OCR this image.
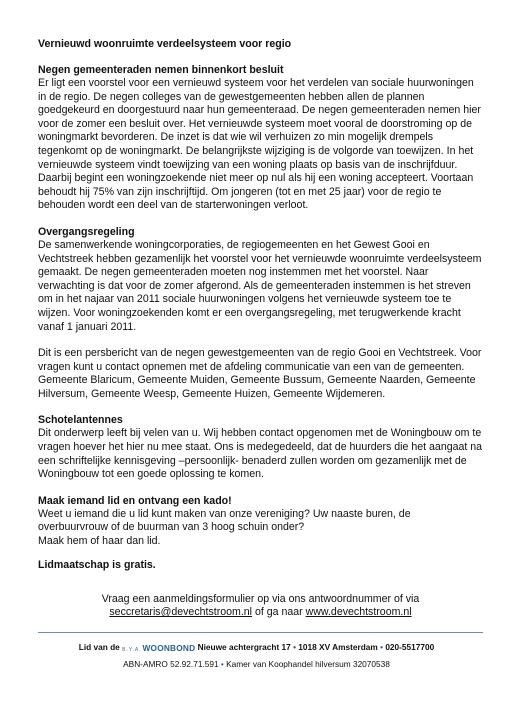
Vernieuwd woonruimte verdeelsysteem voor regio
Negen gemeenteraden nemen binnenkort besluit

Er ligt een voorstel voor een vernieuwd systeem voor het verdelen van sociale huurwoningen in de regio. De negen colleges van de gewestgemeenten hebben allen de plannen goedgekeurd en doorgestuurd naar hun gemeenteraad. De negen gemeenteraden nemen hier voor de zomer een besluit over. Het vernieuwde systeem moet vooral de doorstroming op de woningmarkt bevorderen. De inzet is dat wie wil verhuizen zo min mogelijk drempels tegenkomt op de woningmarkt. De belangrijkste wijziging is de volgorde van toewijzen. In het vernieuwde systeem vindt toewijzing van een woning plaats op basis van de inschrijfduur. Daarbij begint een woningzoekende niet meer op nul als hij een woning accepteert. Voortaan behoudt hij 75% van zijn inschrijftijd. Om jongeren (tot en met 25 jaar) voor de regio te behouden wordt een deel van de starterwoningen verloot.

Overgangsregeling

De samenwerkende woningcorporaties, de regiogemeenten en het Gewest Gooi en Vechtstreek hebben gezamenlijk het voorstel voor het vernieuwde woonruimte verdeelsysteem gemaakt. De negen gemeenteraden moeten nog instemmen met het voorstel. Naar verwachting is dat voor de zomer afgerond. Als de gemeenteraden instemmen is het streven om in het najaar van 2011 sociale huurwoningen volgens het vernieuwde systeem toe te wijzen. Voor woningzoekenden komt er een overgangsregeling, met terugwerkende kracht vanaf 1 januari 2011.

Dit is een persbericht van de negen gewestgemeenten van de regio Gooi en Vechtstreek. Voor vragen kunt u contact opnemen met de afdeling communicatie van een van de gemeenten. Gemeente Blaricum, Gemeente Muiden, Gemeente Bussum, Gemeente Naarden, Gemeente Hilversum, Gemeente Weesp, Gemeente Huizen, Gemeente Wijdemeren.

Schotelantennes

Dit onderwerp leeft bij velen van u. Wij hebben contact opgenomen met de Woningbouw om te vragen hoever het hier nu mee staat. Ons is medegedeeld, dat de huurders die het aangaat na een schriftelijke kennisgeving –persoonlijk- benaderd zullen worden om gezamenlijk met de Woningbouw tot een goede oplossing te komen.

Maak iemand lid en ontvang een kado!

Weet u iemand die u lid kunt maken van onze vereniging? Uw naaste buren, de overbuurvrouw of de buurman van 3 hoog schuin onder?
Maak hem of haar dan lid.

Lidmaatschap is gratis.
Vraag een aanmeldingsformulier op via ons antwoordnummer of via
seccretaris@devechtstroom.nl of ga naar www.devechtstroom.nl
Lid van de B.Y.A. WOONBOND Nieuwe achtergracht 17 • 1018 XV Amsterdam • 020-5517700
ABN-AMRO 52.92.71.591 • Kamer van Koophandel hilversum 32070538
